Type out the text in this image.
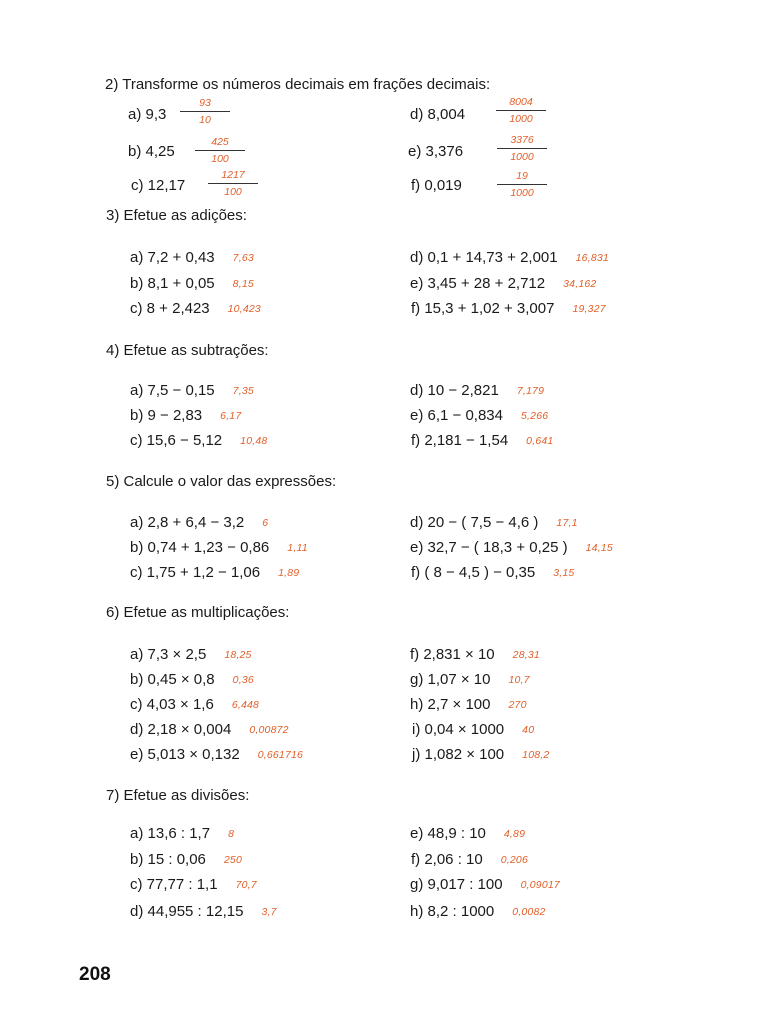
2) Transforme os números decimais em frações decimais:
a) 9,3
93
10
b) 4,25
425
100
c) 12,17
1217
100
d) 8,004
8004
1000
e) 3,376
3376
1000
f) 0,019
19
1000
3) Efetue as adições:
a) 7,2 + 0,43 7,63
b) 8,1 + 0,05 8,15
c) 8 + 2,423 10,423
d) 0,1 + 14,73 + 2,001 16,831
e) 3,45 + 28 + 2,712 34,162
f) 15,3 + 1,02 + 3,007 19,327
4) Efetue as subtrações:
a) 7,5 − 0,15 7,35
b) 9 − 2,83 6,17
c) 15,6 − 5,12 10,48
d) 10 − 2,821 7,179
e) 6,1 − 0,834 5,266
f) 2,181 − 1,54 0,641
5) Calcule o valor das expressões:
a) 2,8 + 6,4 − 3,2 6
b) 0,74 + 1,23 − 0,86 1,11
c) 1,75 + 1,2 − 1,06 1,89
d) 20 − ( 7,5 − 4,6 ) 17,1
e) 32,7 − ( 18,3 + 0,25 ) 14,15
f) ( 8 − 4,5 ) − 0,35 3,15
6) Efetue as multiplicações:
a) 7,3 × 2,5 18,25
b) 0,45 × 0,8 0,36
c) 4,03 × 1,6 6,448
d) 2,18 × 0,004 0,00872
e) 5,013 × 0,132 0,661716
f) 2,831 × 10 28,31
g) 1,07 × 10 10,7
h) 2,7 × 100 270
i) 0,04 × 1000 40
j) 1,082 × 100 108,2
7) Efetue as divisões:
a) 13,6 : 1,7 8
b) 15 : 0,06 250
c) 77,77 : 1,1 70,7
d) 44,955 : 12,15 3,7
e) 48,9 : 10 4,89
f) 2,06 : 10 0,206
g) 9,017 : 100 0,09017
h) 8,2 : 1000 0,0082
208
